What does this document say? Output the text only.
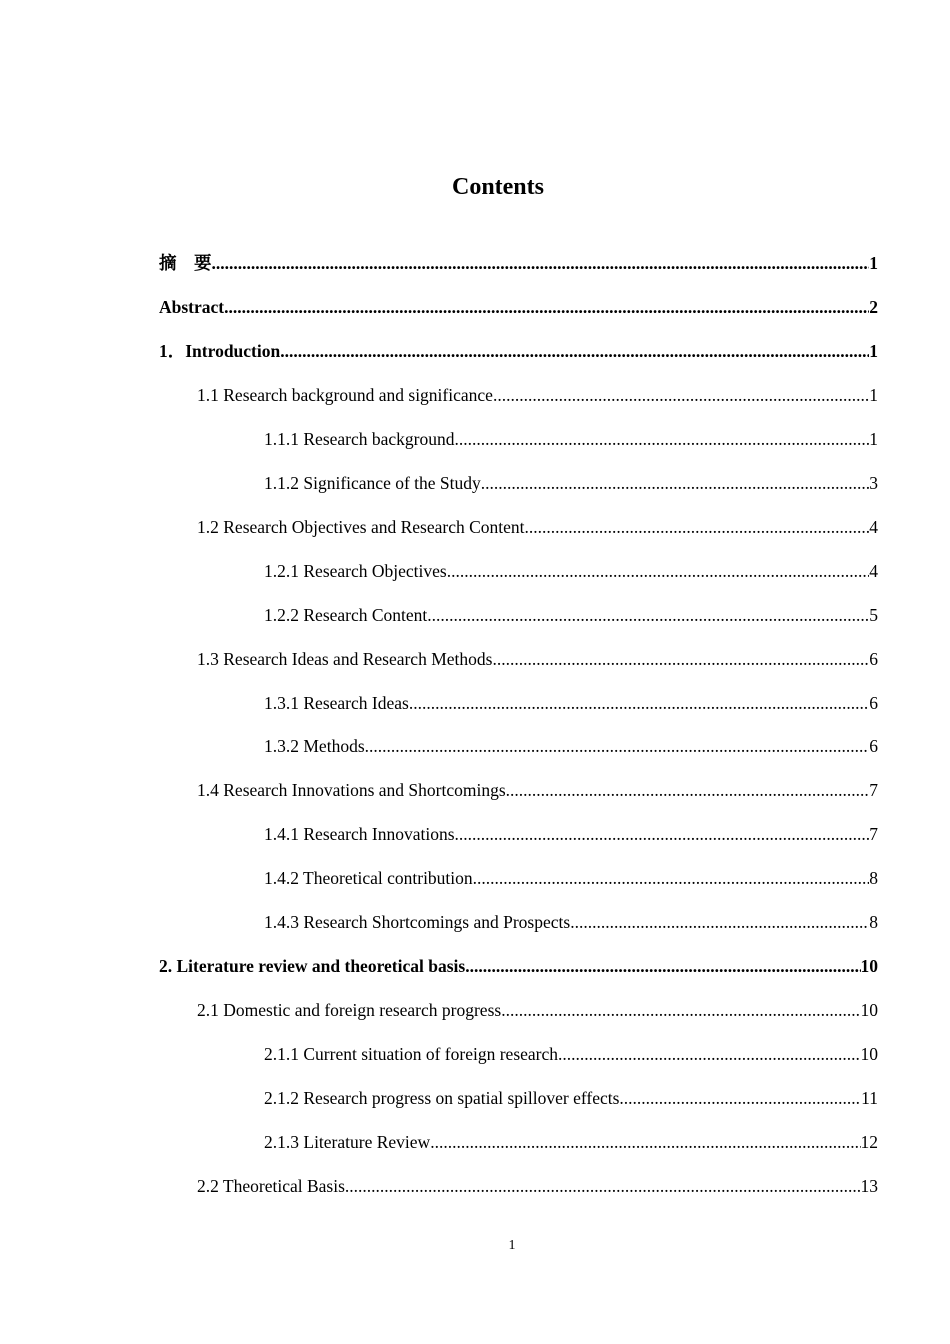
Contents
摘　要 .....	1
Abstract .....	2
1．Introduction .....	1
1.1 Research background and significance .....	1
1.1.1 Research background .....	1
1.1.2 Significance of the Study .....	3
1.2 Research Objectives and Research Content .....	4
1.2.1 Research Objectives .....	4
1.2.2 Research Content .....	5
1.3 Research Ideas and Research Methods .....	6
1.3.1 Research Ideas .....	6
1.3.2 Methods .....	6
1.4 Research Innovations and Shortcomings .....	7
1.4.1 Research Innovations .....	7
1.4.2 Theoretical contribution .....	8
1.4.3 Research Shortcomings and Prospects .....	8
2. Literature review and theoretical basis .....	10
2.1 Domestic and foreign research progress .....	10
2.1.1 Current situation of foreign research .....	10
2.1.2 Research progress on spatial spillover effects .....	11
2.1.3 Literature Review .....	12
2.2 Theoretical Basis .....	13
1
